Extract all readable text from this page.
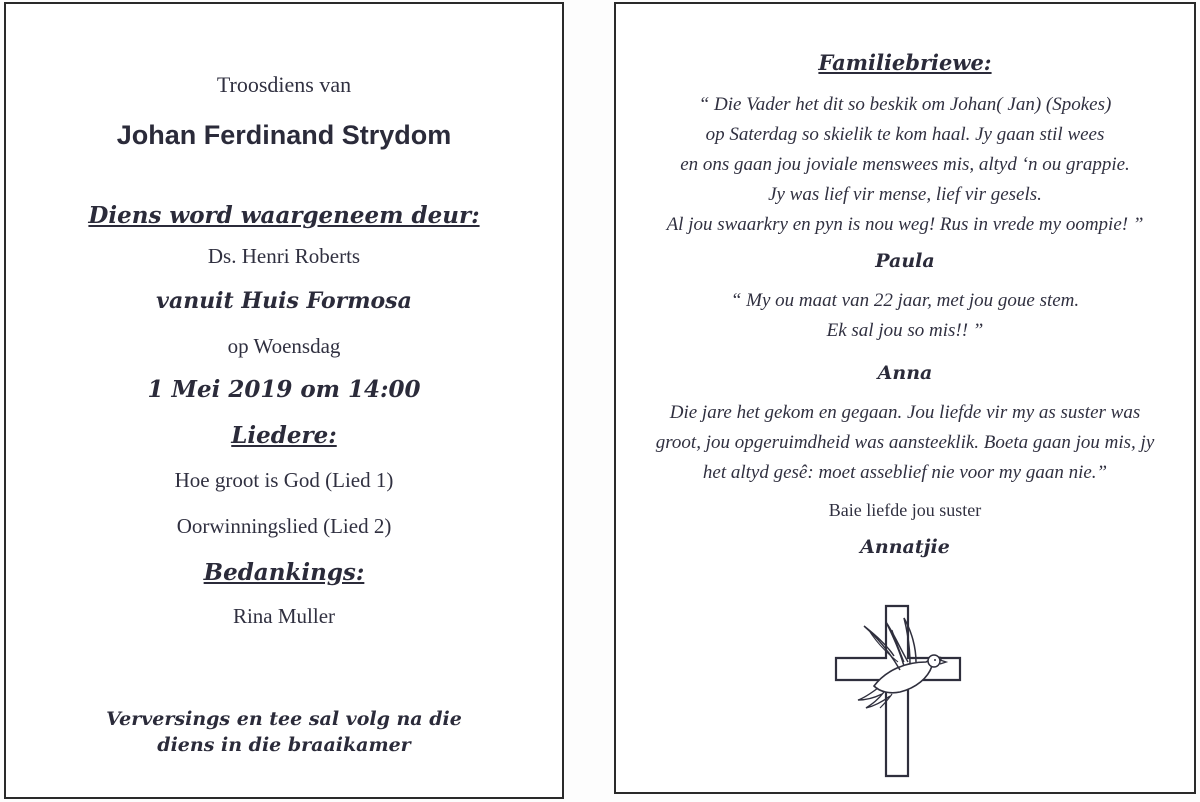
Troosdiens van
Johan Ferdinand Strydom
Diens word waargeneem deur:
Ds. Henri Roberts
vanuit Huis Formosa
op Woensdag
1 Mei 2019 om 14:00
Liedere:
Hoe groot is God (Lied 1)
Oorwinningslied (Lied 2)
Bedankings:
Rina Muller
Verversings en tee sal volg na die
diens in die braaikamer
Familiebriewe:
“ Die Vader het dit so beskik om Johan( Jan) (Spokes)
op Saterdag so skielik te kom haal. Jy gaan stil wees
en ons gaan jou joviale menswees mis, altyd ‘n ou grappie.
Jy was lief vir mense, lief vir gesels.
Al jou swaarkry en pyn is nou weg! Rus in vrede my oompie! ”
Paula
“ My ou maat van 22 jaar, met jou goue stem.
Ek sal jou so mis!! ”
Anna
Die jare het gekom en gegaan. Jou liefde vir my as suster was
groot, jou opgeruimdheid was aansteeklik. Boeta gaan jou mis, jy
het altyd gesê: moet asseblief nie voor my gaan nie.”
Baie liefde jou suster
Annatjie
